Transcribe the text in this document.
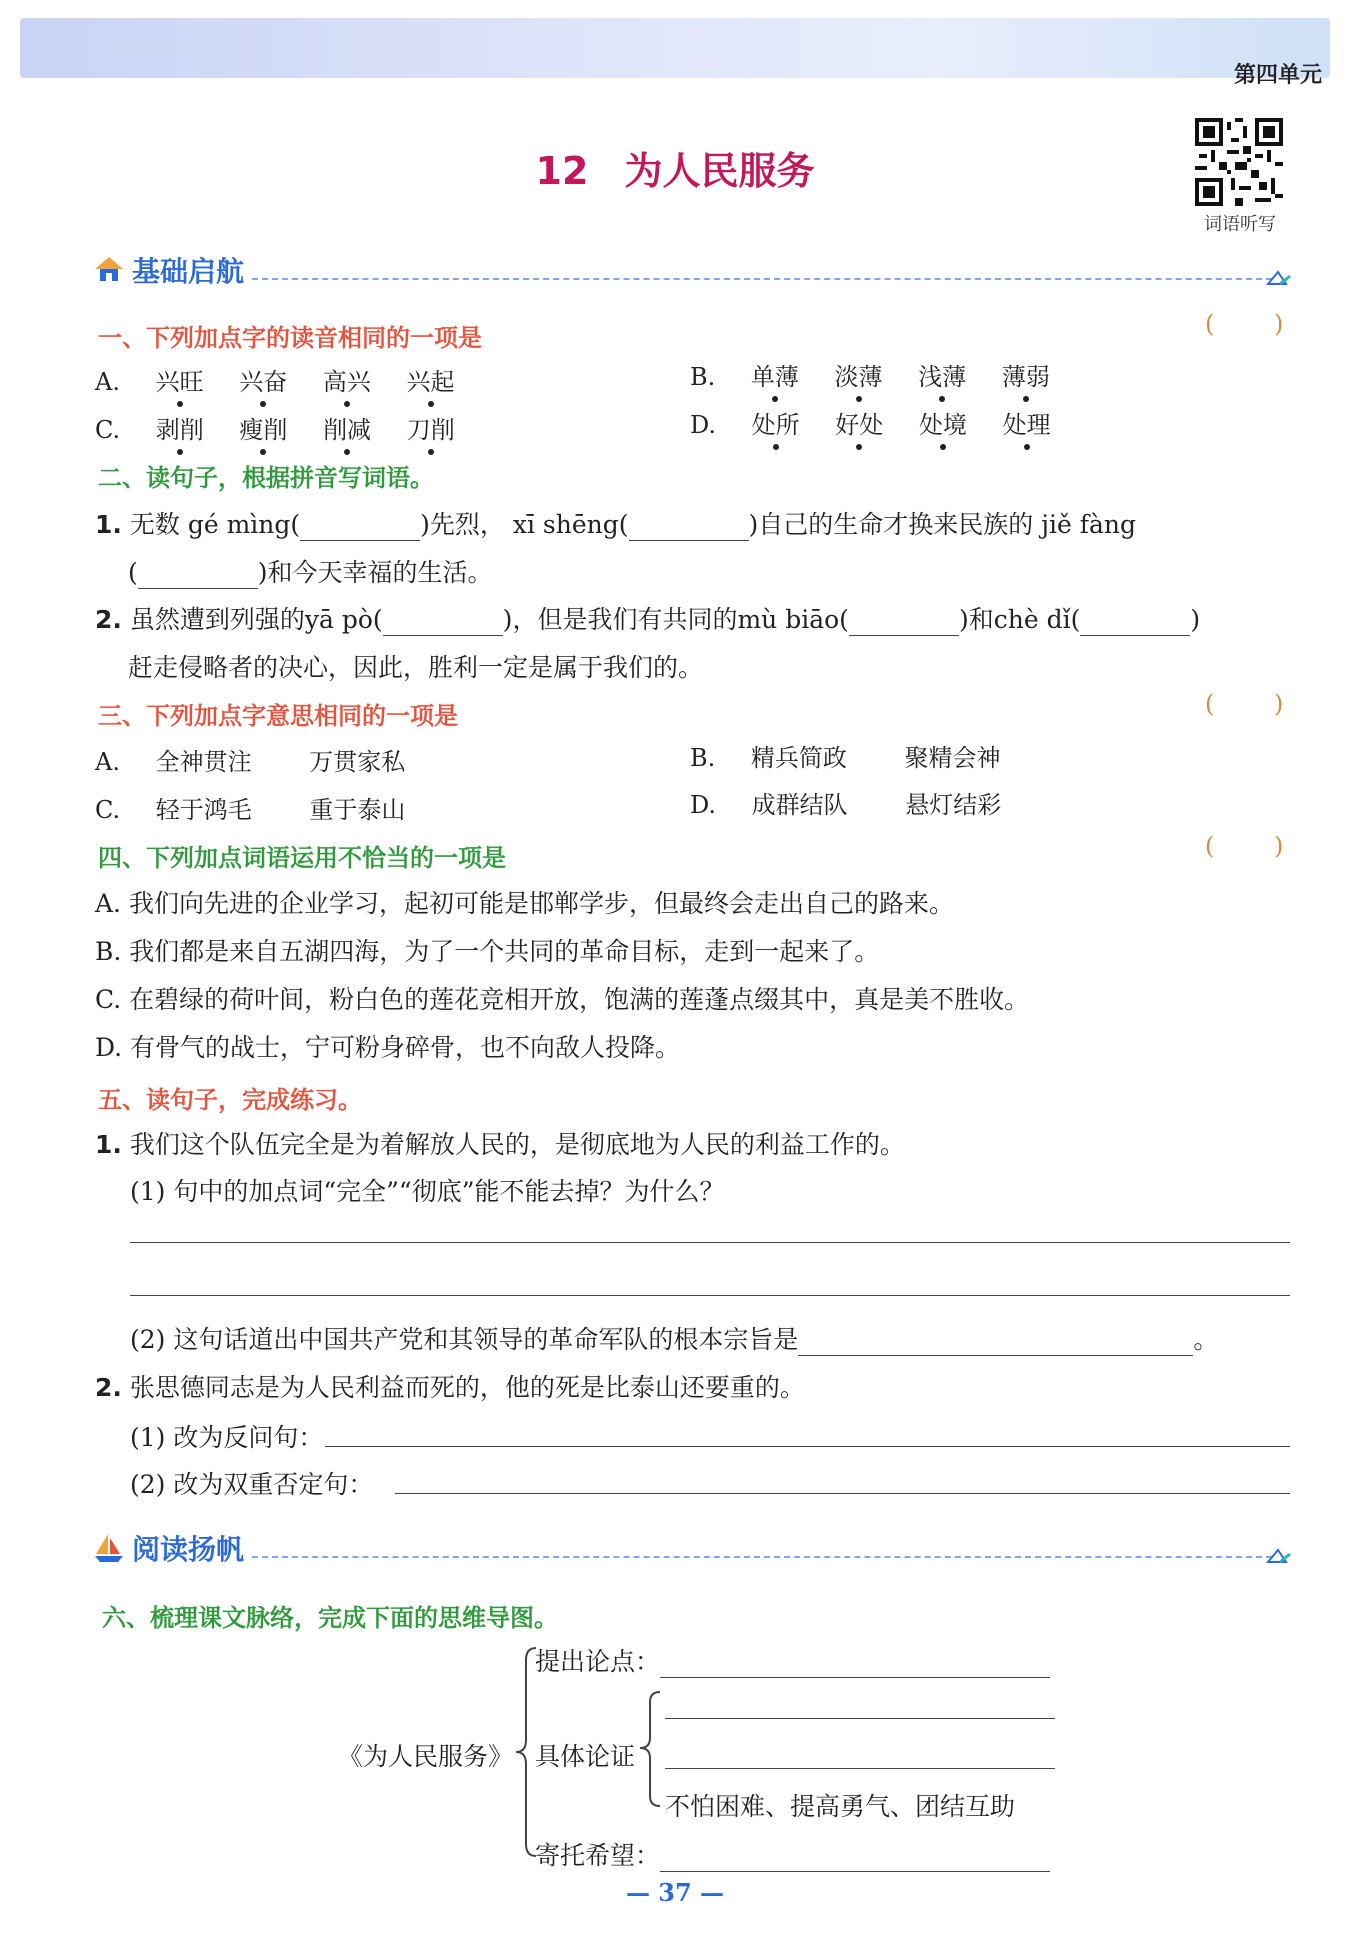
第四单元
12 为人民服务
词语听写
基础启航
一、下列加点字的读音相同的一项是	( )
A. 兴旺 兴奋 高兴 兴起	B. 单薄 淡薄 浅薄 薄弱
C. 剥削 瘦削 削减 刀削	D. 处所 好处 处境 处理
二、读句子，根据拼音写词语。
1. 无数 gé mìng(	)先烈， xī shēng(	)自己的生命才换来民族的 jiě fàng
(	)和今天幸福的生活。
2. 虽然遭到列强的yā pò(	)，但是我们有共同的mù biāo(	)和chè dǐ(	)
赶走侵略者的决心，因此，胜利一定是属于我们的。
三、下列加点字意思相同的一项是	( )
A. 全神贯注 万贯家私	B. 精兵简政 聚精会神
C. 轻于鸿毛 重于泰山	D. 成群结队 悬灯结彩
四、下列加点词语运用不恰当的一项是	( )
A. 我们向先进的企业学习，起初可能是邯郸学步，但最终会走出自己的路来。
B. 我们都是来自五湖四海，为了一个共同的革命目标，走到一起来了。
C. 在碧绿的荷叶间，粉白色的莲花竞相开放，饱满的莲蓬点缀其中，真是美不胜收。
D. 有骨气的战士，宁可粉身碎骨，也不向敌人投降。
五、读句子，完成练习。
1. 我们这个队伍完全是为着解放人民的，是彻底地为人民的利益工作的。
(1) 句中的加点词“完全”“彻底”能不能去掉？为什么？
(2) 这句话道出中国共产党和其领导的革命军队的根本宗旨是	。
2. 张思德同志是为人民利益而死的，他的死是比泰山还要重的。
(1) 改为反问句：
(2) 改为双重否定句：
阅读扬帆
六、梳理课文脉络，完成下面的思维导图。
《为人民服务》
提出论点：
具体论证
不怕困难、提高勇气、团结互助
寄托希望：
— 37 —
